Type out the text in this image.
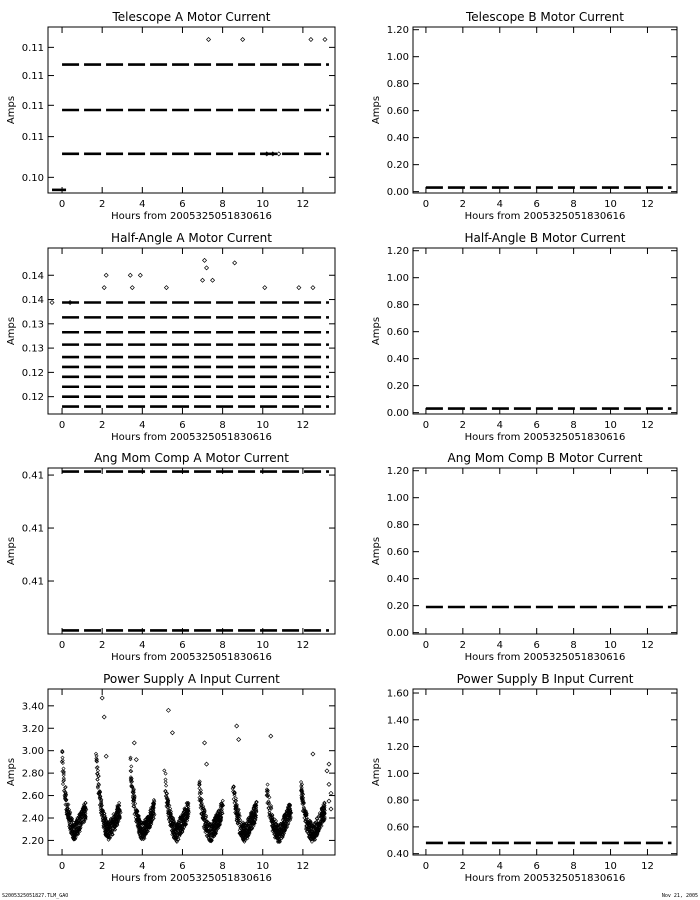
Telescope A Motor Current
0	2	4	6	8	10	12
0.10
0.11
0.11
0.11
0.11
Hours from 2005325051830616
Amps
Telescope B Motor Current
0	2	4	6	8	10 12
0.00
0.20
0.40
0.60
0.80
1.00
1.20
Hours from 2005325051830616
Amps
Half-Angle A Motor Current
0	2	4	6	8	10	12
0.12
0.12
0.13
0.13
0.14
0.14
Hours from 2005325051830616
Amps
Half-Angle B Motor Current
0	2	4	6	8	10 12
0.00
0.20
0.40
0.60
0.80
1.00
1.20
Hours from 2005325051830616
Amps
Ang Mom Comp A Motor Current
0	2	4	6	8	10	12
0.41
0.41
0.41
Hours from 2005325051830616
Amps
Ang Mom Comp B Motor Current
0	2	4	6	8	10 12
0.00
0.20
0.40
0.60
0.80
1.00
1.20
Hours from 2005325051830616
Amps
Power Supply A Input Current
0	2	4	6	8	10	12
2.20
2.40
2.60
2.80
3.00
3.20
3.40
Hours from 2005325051830616
Amps
Power Supply B Input Current
0	2	4	6	8	10 12
0.40
0.60
0.80
1.00
1.20
1.40
1.60
Hours from 2005325051830616
Amps
S2005325051827.TLM_GAO	Nov 21, 2005
